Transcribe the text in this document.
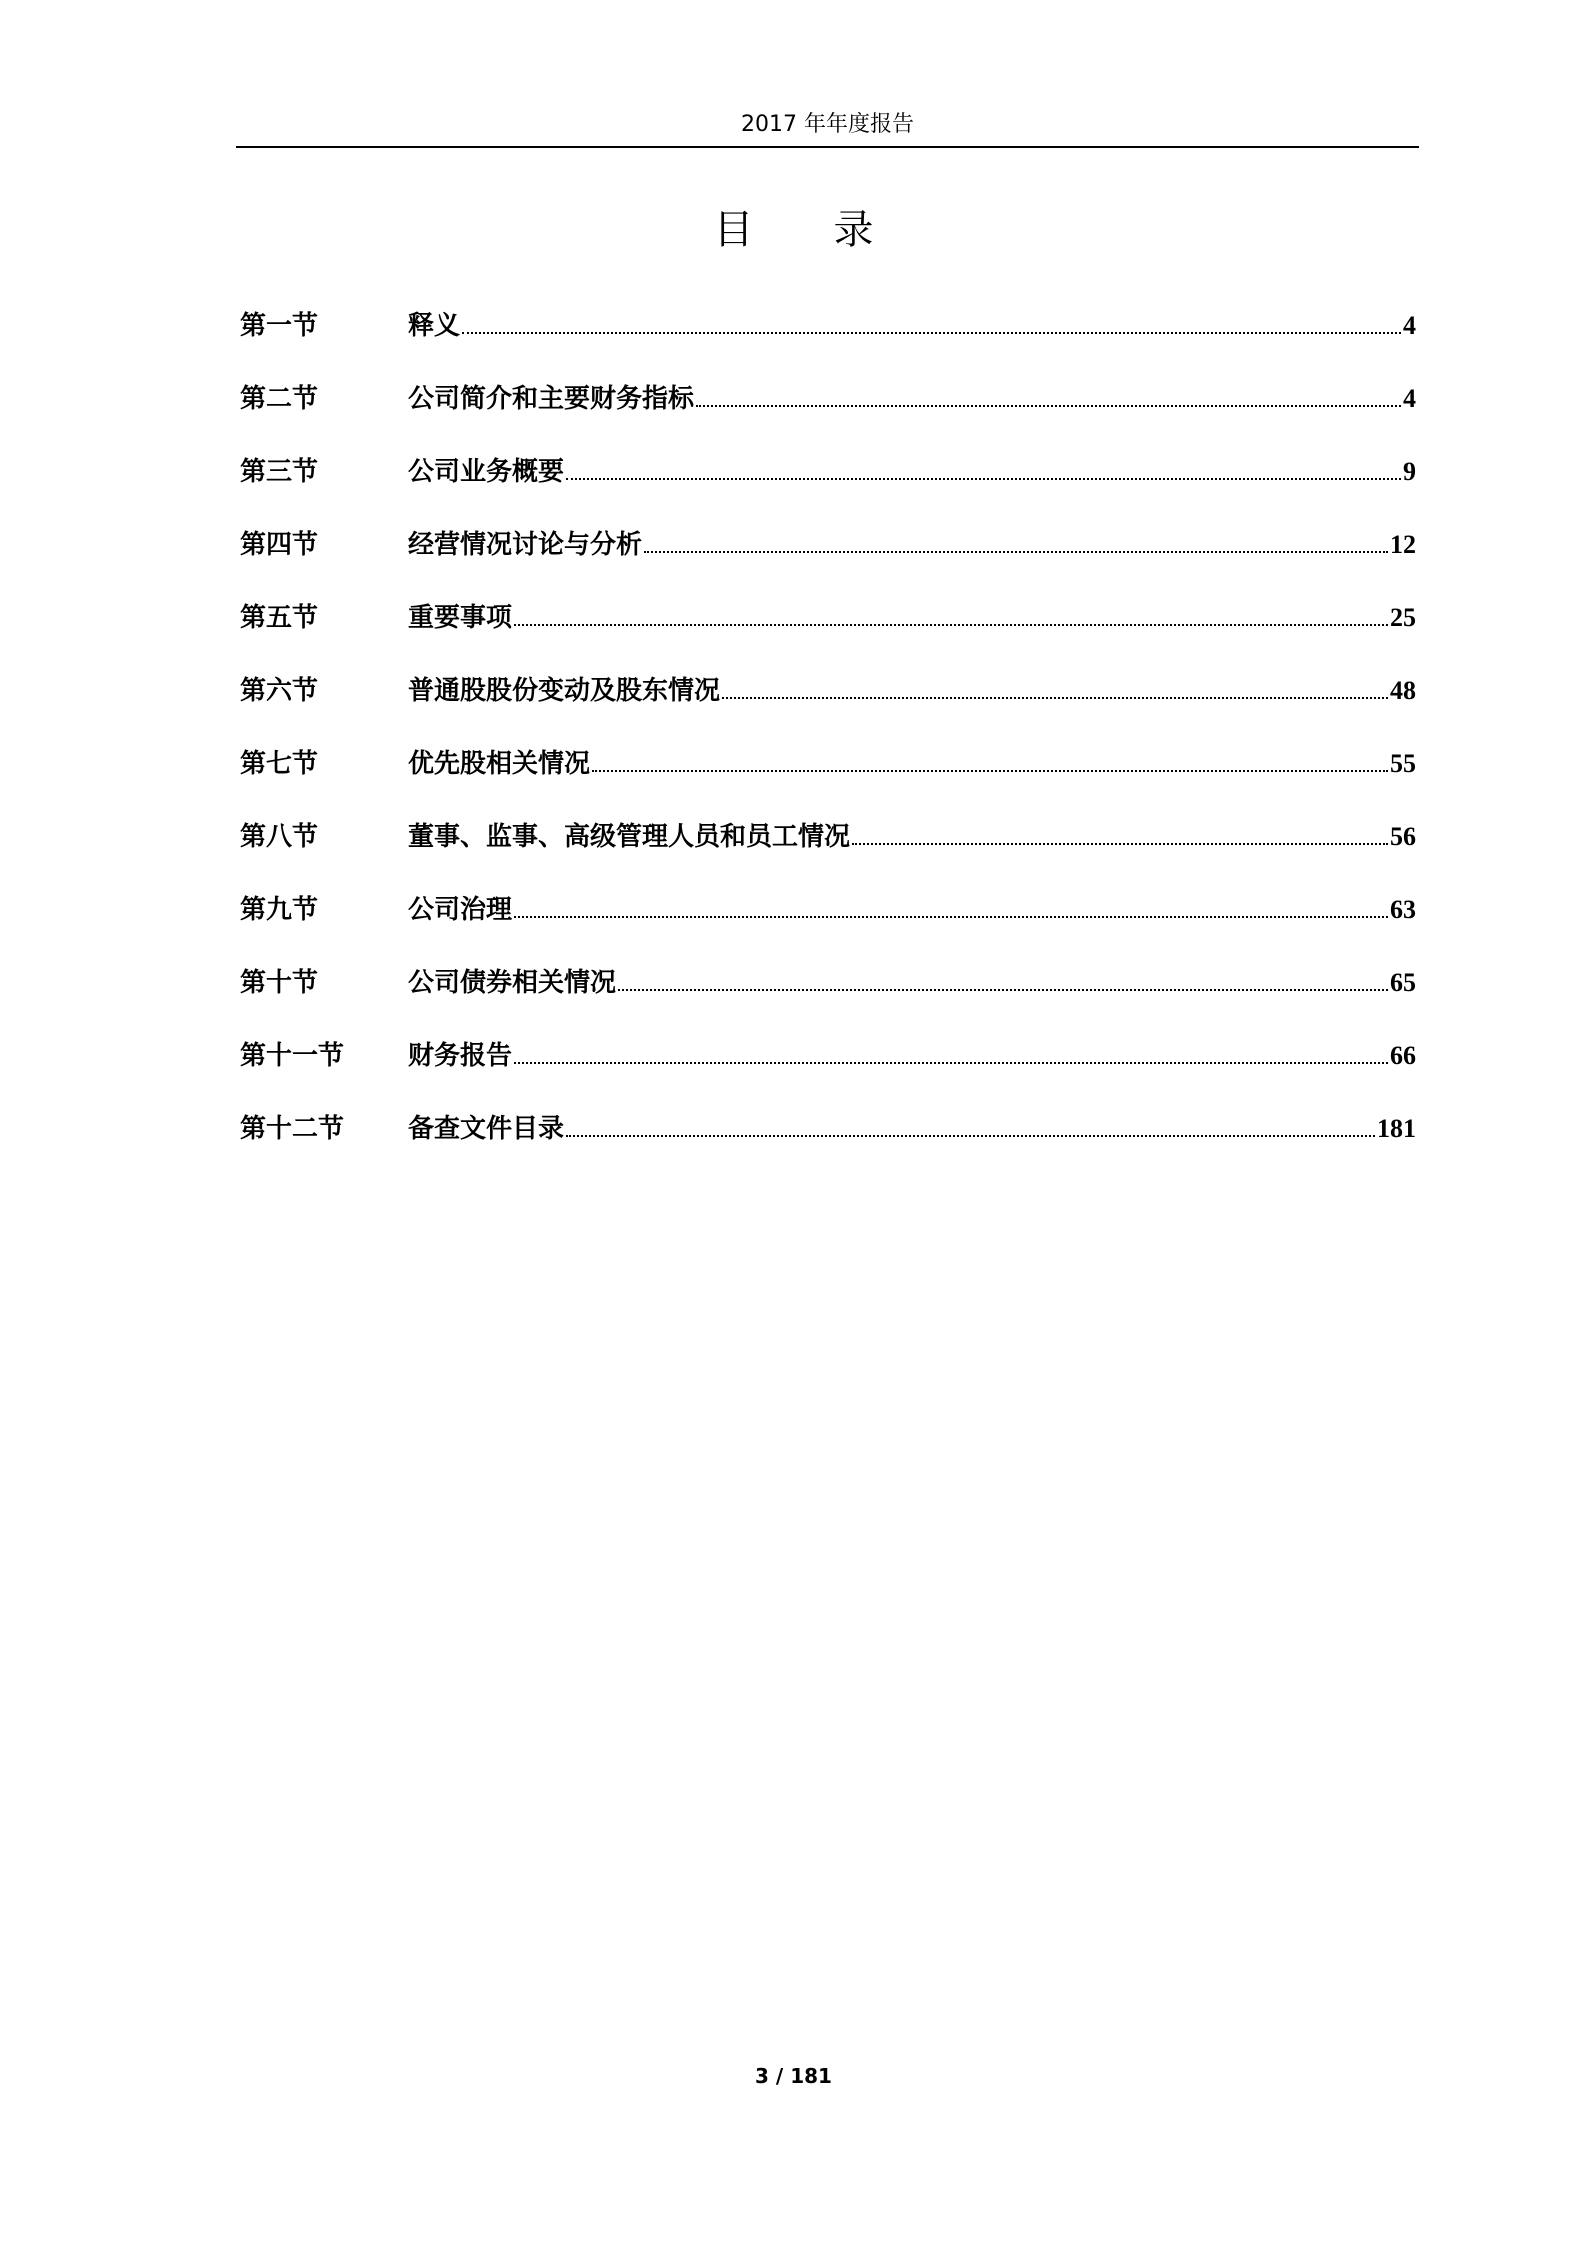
2017 年年度报告
目 录
第一节	释义	4
第二节	公司简介和主要财务指标	4
第三节	公司业务概要	9
第四节	经营情况讨论与分析	12
第五节	重要事项	25
第六节	普通股股份变动及股东情况	48
第七节	优先股相关情况	55
第八节	董事、监事、高级管理人员和员工情况	56
第九节	公司治理	63
第十节	公司债券相关情况	65
第十一节	财务报告	66
第十二节	备查文件目录	181
3 / 181
